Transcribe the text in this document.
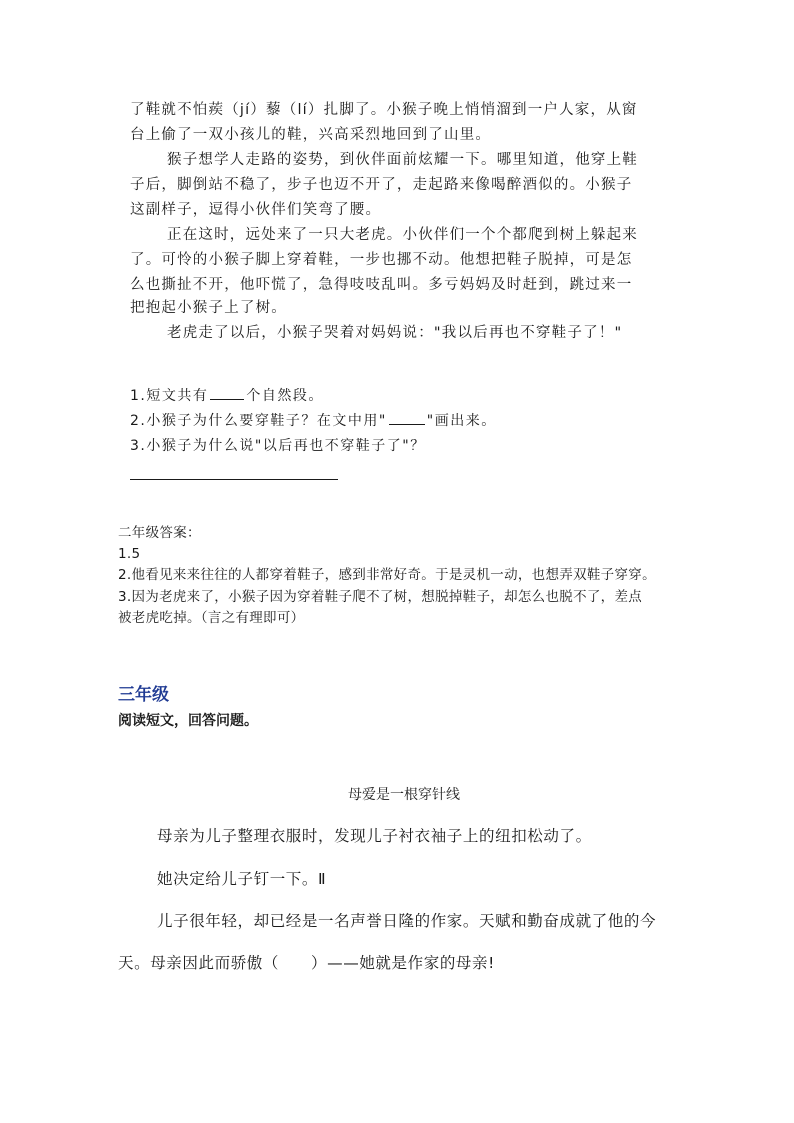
了鞋就不怕蒺（jí）藜（lí）扎脚了。小猴子晚上悄悄溜到一户人家，从窗
台上偷了一双小孩儿的鞋，兴高采烈地回到了山里。
猴子想学人走路的姿势，到伙伴面前炫耀一下。哪里知道，他穿上鞋
子后，脚倒站不稳了，步子也迈不开了，走起路来像喝醉酒似的。小猴子
这副样子，逗得小伙伴们笑弯了腰。
正在这时，远处来了一只大老虎。小伙伴们一个个都爬到树上躲起来
了。可怜的小猴子脚上穿着鞋，一步也挪不动。他想把鞋子脱掉，可是怎
么也撕扯不开，他吓慌了，急得吱吱乱叫。多亏妈妈及时赶到，跳过来一
把抱起小猴子上了树。
老虎走了以后，小猴子哭着对妈妈说："我以后再也不穿鞋子了！"
1.短文共有	个自然段。
2.小猴子为什么要穿鞋子？在文中用"	"画出来。
3.小猴子为什么说"以后再也不穿鞋子了"？
二年级答案：
1.5
2.他看见来来往往的人都穿着鞋子，感到非常好奇。于是灵机一动，也想弄双鞋子穿穿。
3.因为老虎来了，小猴子因为穿着鞋子爬不了树，想脱掉鞋子，却怎么也脱不了，差点
被老虎吃掉。（言之有理即可）
三年级
阅读短文，回答问题。
母爱是一根穿针线
母亲为儿子整理衣服时，发现儿子衬衣袖子上的纽扣松动了。
她决定给儿子钉一下。Ⅱ
儿子很年轻，却已经是一名声誉日隆的作家。天赋和勤奋成就了他的今
天。母亲因此而骄傲（ ）——她就是作家的母亲!
